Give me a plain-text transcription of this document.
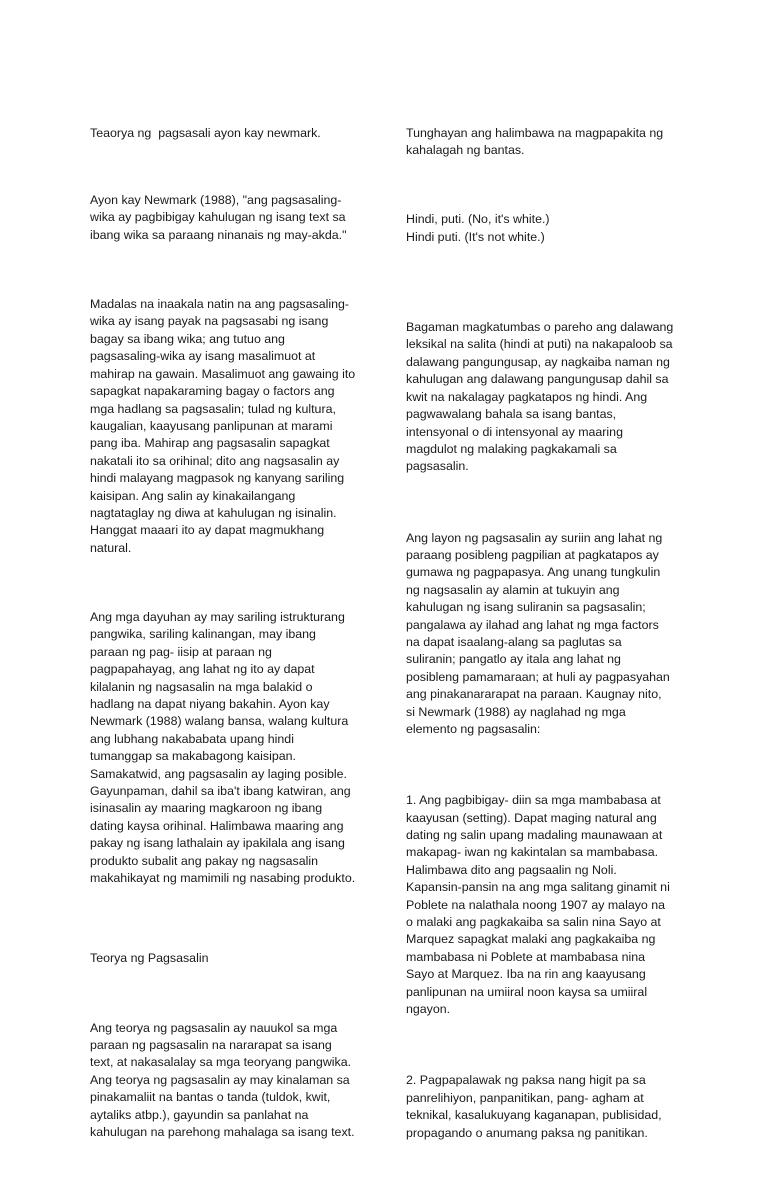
Teaorya ng  pagsasali ayon kay newmark.

Ayon kay Newmark (1988), "ang pagsasaling-
wika ay pagbibigay kahulugan ng isang text sa
ibang wika sa paraang ninanais ng may-akda."

Madalas na inaakala natin na ang pagsasaling-
wika ay isang payak na pagsasabi ng isang
bagay sa ibang wika; ang tutuo ang
pagsasaling-wika ay isang masalimuot at
mahirap na gawain. Masalimuot ang gawaing ito
sapagkat napakaraming bagay o factors ang
mga hadlang sa pagsasalin; tulad ng kultura,
kaugalian, kaayusang panlipunan at marami
pang iba. Mahirap ang pagsasalin sapagkat
nakatali ito sa orihinal; dito ang nagsasalin ay
hindi malayang magpasok ng kanyang sariling
kaisipan. Ang salin ay kinakailangang
nagtataglay ng diwa at kahulugan ng isinalin.
Hanggat maaari ito ay dapat magmukhang
natural.

Ang mga dayuhan ay may sariling istrukturang
pangwika, sariling kalinangan, may ibang
paraan ng pag- iisip at paraan ng
pagpapahayag, ang lahat ng ito ay dapat
kilalanin ng nagsasalin na mga balakid o
hadlang na dapat niyang bakahin. Ayon kay
Newmark (1988) walang bansa, walang kultura
ang lubhang nakababata upang hindi
tumanggap sa makabagong kaisipan.
Samakatwid, ang pagsasalin ay laging posible.
Gayunpaman, dahil sa iba't ibang katwiran, ang
isinasalin ay maaring magkaroon ng ibang
dating kaysa orihinal. Halimbawa maaring ang
pakay ng isang lathalain ay ipakilala ang isang
produkto subalit ang pakay ng nagsasalin
makahikayat ng mamimili ng nasabing produkto.

Teorya ng Pagsasalin

Ang teorya ng pagsasalin ay nauukol sa mga
paraan ng pagsasalin na nararapat sa isang
text, at nakasalalay sa mga teoryang pangwika.
Ang teorya ng pagsasalin ay may kinalaman sa
pinakamaliit na bantas o tanda (tuldok, kwit,
aytaliks atbp.), gayundin sa panlahat na
kahulugan na parehong mahalaga sa isang text.

Tunghayan ang halimbawa na magpapakita ng
kahalagah ng bantas.

Hindi, puti. (No, it's white.)
Hindi puti. (It's not white.)

Bagaman magkatumbas o pareho ang dalawang
leksikal na salita (hindi at puti) na nakapaloob sa
dalawang pangungusap, ay nagkaiba naman ng
kahulugan ang dalawang pangungusap dahil sa
kwit na nakalagay pagkatapos ng hindi. Ang
pagwawalang bahala sa isang bantas,
intensyonal o di intensyonal ay maaring
magdulot ng malaking pagkakamali sa
pagsasalin.

Ang layon ng pagsasalin ay suriin ang lahat ng
paraang posibleng pagpilian at pagkatapos ay
gumawa ng pagpapasya. Ang unang tungkulin
ng nagsasalin ay alamin at tukuyin ang
kahulugan ng isang suliranin sa pagsasalin;
pangalawa ay ilahad ang lahat ng mga factors
na dapat isaalang-alang sa paglutas sa
suliranin; pangatlo ay itala ang lahat ng
posibleng pamamaraan; at huli ay pagpasyahan
ang pinakanararapat na paraan. Kaugnay nito,
si Newmark (1988) ay naglahad ng mga
elemento ng pagsasalin:

1. Ang pagbibigay- diin sa mga mambabasa at
kaayusan (setting). Dapat maging natural ang
dating ng salin upang madaling maunawaan at
makapag- iwan ng kakintalan sa mambabasa.
Halimbawa dito ang pagsaalin ng Noli.
Kapansin-pansin na ang mga salitang ginamit ni
Poblete na nalathala noong 1907 ay malayo na
o malaki ang pagkakaiba sa salin nina Sayo at
Marquez sapagkat malaki ang pagkakaiba ng
mambabasa ni Poblete at mambabasa nina
Sayo at Marquez. Iba na rin ang kaayusang
panlipunan na umiiral noon kaysa sa umiiral
ngayon.

2. Pagpapalawak ng paksa nang higit pa sa
panrelihiyon, panpanitikan, pang- agham at
teknikal, kasalukuyang kaganapan, publisidad,
propagando o anumang paksa ng panitikan.
